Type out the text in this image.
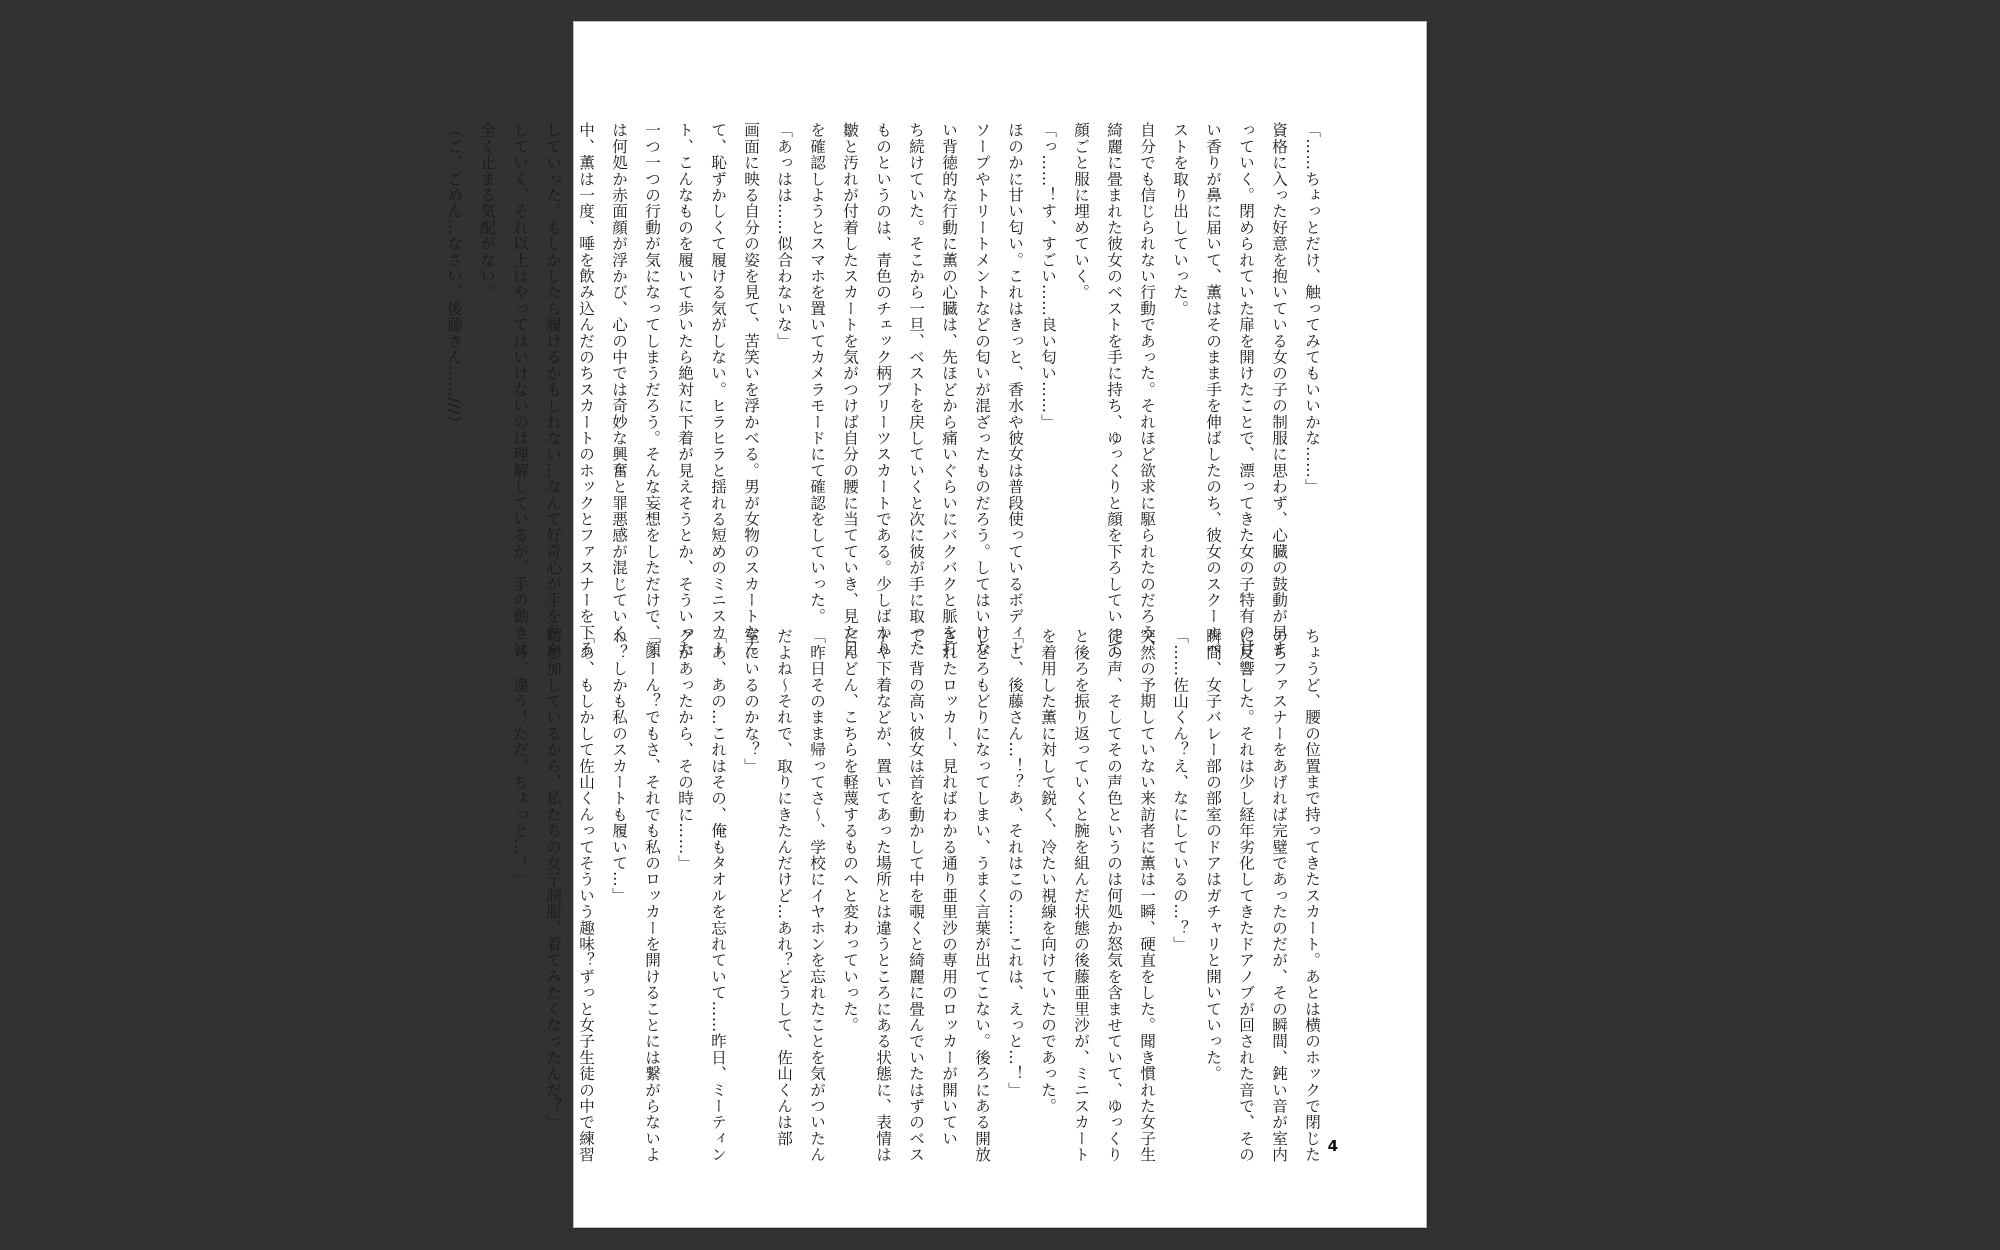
「……ちょっとだけ、触ってみてもいいかな……」

資格に入った好意を抱いている女の子の制服に思わず、心臓の鼓動が早ま

っていく。閉められていた扉を開けたことで、漂ってきた女の子特有の甘

い香りが鼻に届いて、薫はそのまま手を伸ばしたのち、彼女のスクールベ

ストを取り出していった。

自分でも信じられない行動であった。それほど欲求に駆られたのだろう、

綺麗に畳まれた彼女のベストを手に持ち、ゆっくりと顔を下ろしていって

顔ごと服に埋めていく。

「っ……！す、すごい……良い匂い……」

ほのかに甘い匂い。これはきっと、香水や彼女は普段使っているボディー

ソープやトリートメントなどの匂いが混ざったものだろう。してはいけな

い背徳的な行動に薫の心臓は、先ほどから痛いぐらいにバクバクと脈を打

ち続けていた。そこから一旦、ベストを戻していくと次に彼が手に取った

ものというのは、青色のチェック柄プリーツスカートである。少しばかり

皺と汚れが付着したスカートを気がつけば自分の腰に当てていき、見た目

を確認しようとスマホを置いてカメラモードにて確認をしていった。

「あっはは……似合わないな」

画面に映る自分の姿を見て、苦笑いを浮かべる。男が女物のスカートなん

て、恥ずかしくて履ける気がしない。ヒラヒラと揺れる短めのミニスカー

ト、こんなものを履いて歩いたら絶対に下着が見えそうとか、そういった

一つ一つの行動が気になってしまうだろう。そんな妄想をしただけで、顔

は何処か赤面顔が浮かび、心の中では奇妙な興奮と罪悪感が混じていく

中、薫は一度、唾を飲み込んだのちスカートのホックとファスナーを下ろ

していった。もしかしたら履けるかもしれない…なんて好奇心が手を動か

していく、それ以上はやってはいけないのは理解しているが、手の動きは

全く止まる気配がない。

（ご、ごめん…なさい、後藤さん……///）

ちょうど、腰の位置まで持ってきたスカート。あとは横のホックで閉じた

のちファスナーをあげれば完璧であったのだが、その瞬間、鈍い音が室内

に反響した。それは少し経年劣化してきたドアノブが回された音で、その

瞬間、女子バレー部の部室のドアはガチャリと開いていった。

「……佐山くん？え、なにしているの…？」

突然の予期していない来訪者に薫は一瞬、硬直をした。聞き慣れた女子生

徒の声、そしてその声色というのは何処か怒気を含ませていて、ゆっくり

と後ろを振り返っていくと腕を組んだ状態の後藤亜里沙が、ミニスカート

を着用した薫に対して鋭く、冷たい視線を向けていたのであった。

「ご、後藤さん…！？あ、それはこの……これは、えっと…！」

しどろもどりになってしまい、うまく言葉が出てこない。後ろにある開放

されたロッカー、見ればわかる通り亜里沙の専用のロッカーが開いてい

て、背の高い彼女は首を動かして中を覗くと綺麗に畳んでいたはずのベス

トや下着などが、置いてあった場所とは違うところにある状態に、表情は

どんどん、こちらを軽蔑するものへと変わっていった。

「昨日そのまま帰ってさ〜、学校にイヤホンを忘れたことを気がついたん

だよね〜それで、取りにきたんだけど…あれ？どうして、佐山くんは部

室にいるのかな？」

「あ、あの…これはその、俺もタオルを忘れていて……昨日、ミーティン

グがあったから、その時に……」

「ふーん？でもさ、それでも私のロッカーを開けることには繋がらないよ

ね？しかも私のスカートも履いて…」

「あ、もしかして佐山くんってそういう趣味？ずっと女子生徒の中で練習

に参加しているから、私たちの女子制服、着てみたくなったんだ？」

「ち、違う！ただ、ちょっと…！」

4
